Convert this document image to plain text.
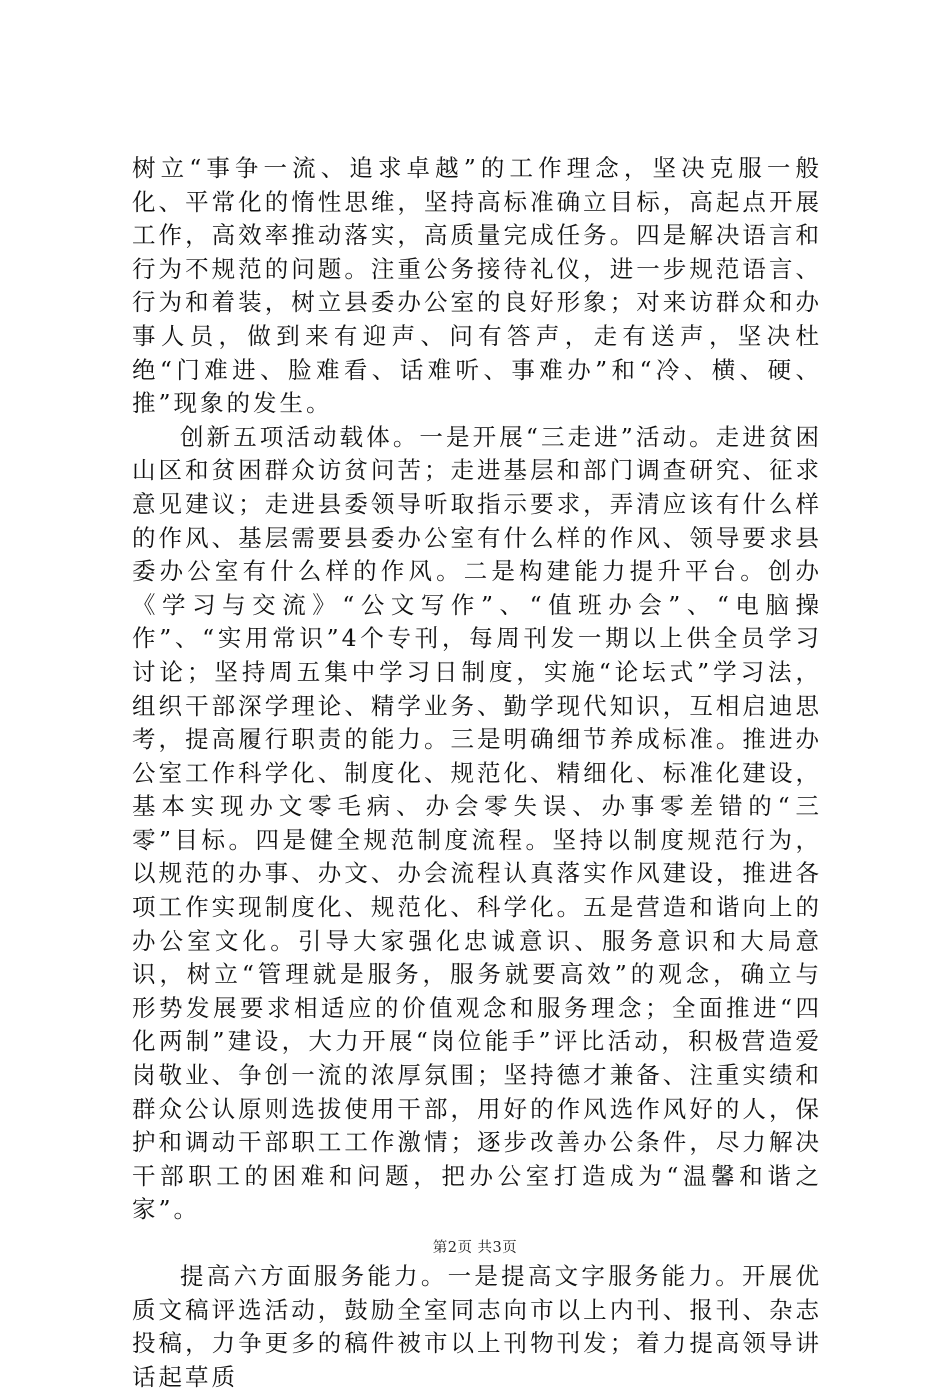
树立“事争一流、追求卓越”的工作理念，坚决克服一般化、平常化的惰性思维，坚持高标准确立目标，高起点开展工作，高效率推动落实，高质量完成任务。四是解决语言和行为不规范的问题。注重公务接待礼仪，进一步规范语言、行为和着装，树立县委办公室的良好形象；对来访群众和办事人员，做到来有迎声、问有答声，走有送声，坚决杜绝“门难进、脸难看、话难听、事难办”和“冷、横、硬、推”现象的发生。

创新五项活动载体。一是开展“三走进”活动。走进贫困山区和贫困群众访贫问苦；走进基层和部门调查研究、征求意见建议；走进县委领导听取指示要求，弄清应该有什么样的作风、基层需要县委办公室有什么样的作风、领导要求县委办公室有什么样的作风。二是构建能力提升平台。创办《学习与交流》“公文写作”、“值班办会”、“电脑操作”、“实用常识”4个专刊，每周刊发一期以上供全员学习讨论；坚持周五集中学习日制度，实施“论坛式”学习法，组织干部深学理论、精学业务、勤学现代知识，互相启迪思考，提高履行职责的能力。三是明确细节养成标准。推进办公室工作科学化、制度化、规范化、精细化、标准化建设，基本实现办文零毛病、办会零失误、办事零差错的“三零”目标。四是健全规范制度流程。坚持以制度规范行为，以规范的办事、办文、办会流程认真落实作风建设，推进各项工作实现制度化、规范化、科学化。五是营造和谐向上的办公室文化。引导大家强化忠诚意识、服务意识和大局意识，树立“管理就是服务，服务就要高效”的观念，确立与形势发展要求相适应的价值观念和服务理念；全面推进“四化两制”建设，大力开展“岗位能手”评比活动，积极营造爱岗敬业、争创一流的浓厚氛围；坚持德才兼备、注重实绩和群众公认原则选拔使用干部，用好的作风选作风好的人，保护和调动干部职工工作激情；逐步改善办公条件，尽力解决干部职工的困难和问题，把办公室打造成为“温馨和谐之家”。

提高六方面服务能力。一是提高文字服务能力。开展优质文稿评选活动，鼓励全室同志向市以上内刊、报刊、杂志投稿，力争更多的稿件被市以上刊物刊发；着力提高领导讲话起草质

第2页 共3页
